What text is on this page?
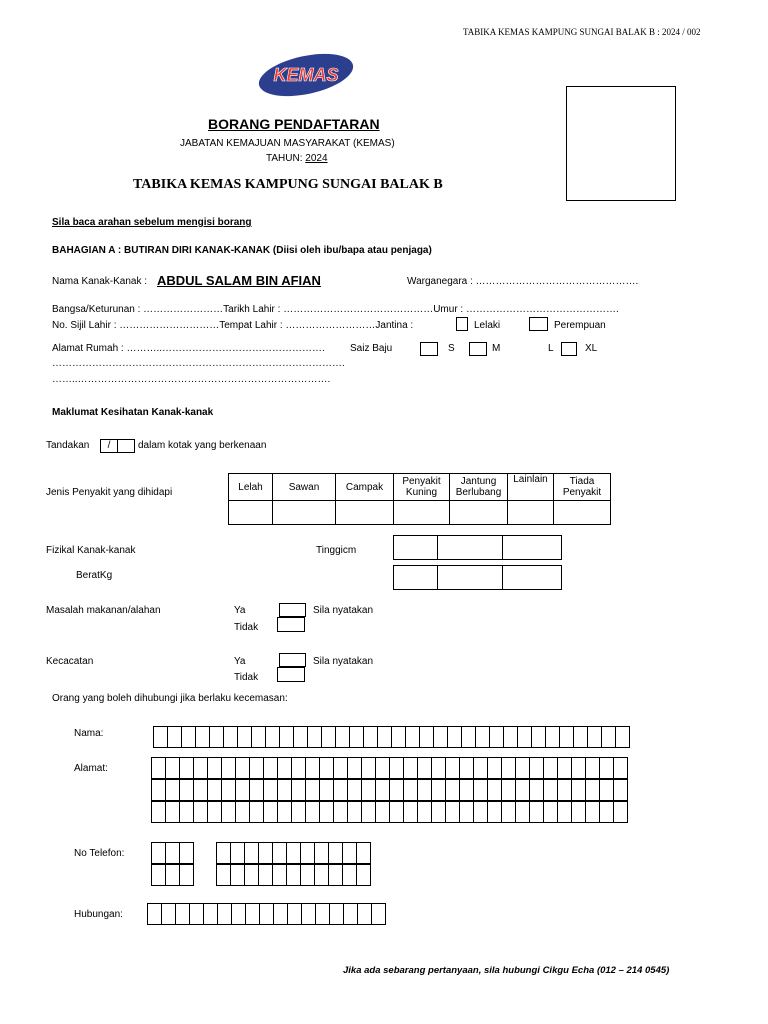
TABIKA KEMAS KAMPUNG SUNGAI BALAK B : 2024 / 002
KEMAS
BORANG PENDAFTARAN
JABATAN KEMAJUAN MASYARAKAT (KEMAS)
TAHUN: 2024
TABIKA KEMAS KAMPUNG SUNGAI BALAK B
Sila baca arahan sebelum mengisi borang
BAHAGIAN A : BUTIRAN DIRI KANAK-KANAK (Diisi oleh ibu/bapa atau penjaga)
Nama Kanak-Kanak : ABDUL SALAM BIN AFIAN	Warganegara : ………………………………………….
Bangsa/Keturunan : ……………………Tarikh Lahir : ………………………………………Umur : ……………………………………….
No. Sijil Lahir : …………………………Tempat Lahir : ………………………Jantina :	Lelaki	Perempuan
Alamat Rumah : ………..………………………………………….	Saiz Baju	S	M	L	XL
…………………………………………………………………………….
……..………………………………………………………………….
Maklumat Kesihatan Kanak-kanak
Tandakan	/	dalam kotak yang berkenaan
Jenis Penyakit yang dihidapi	Lelah	Sawan	Campak	Penyakit Kuning	Jantung Berlubang	Lainlain	Tiada Penyakit

Fizikal Kanak-kanak	Tinggicm

BeratKg

Masalah makanan/alahan	Ya	Sila nyatakan
Tidak
Kecacatan	Ya	Sila nyatakan
Tidak
Orang yang boleh dihubungi jika berlaku kecemasan:
Nama:
Alamat:
No Telefon:
Hubungan:
Jika ada sebarang pertanyaan, sila hubungi Cikgu Echa (012 – 214 0545)
